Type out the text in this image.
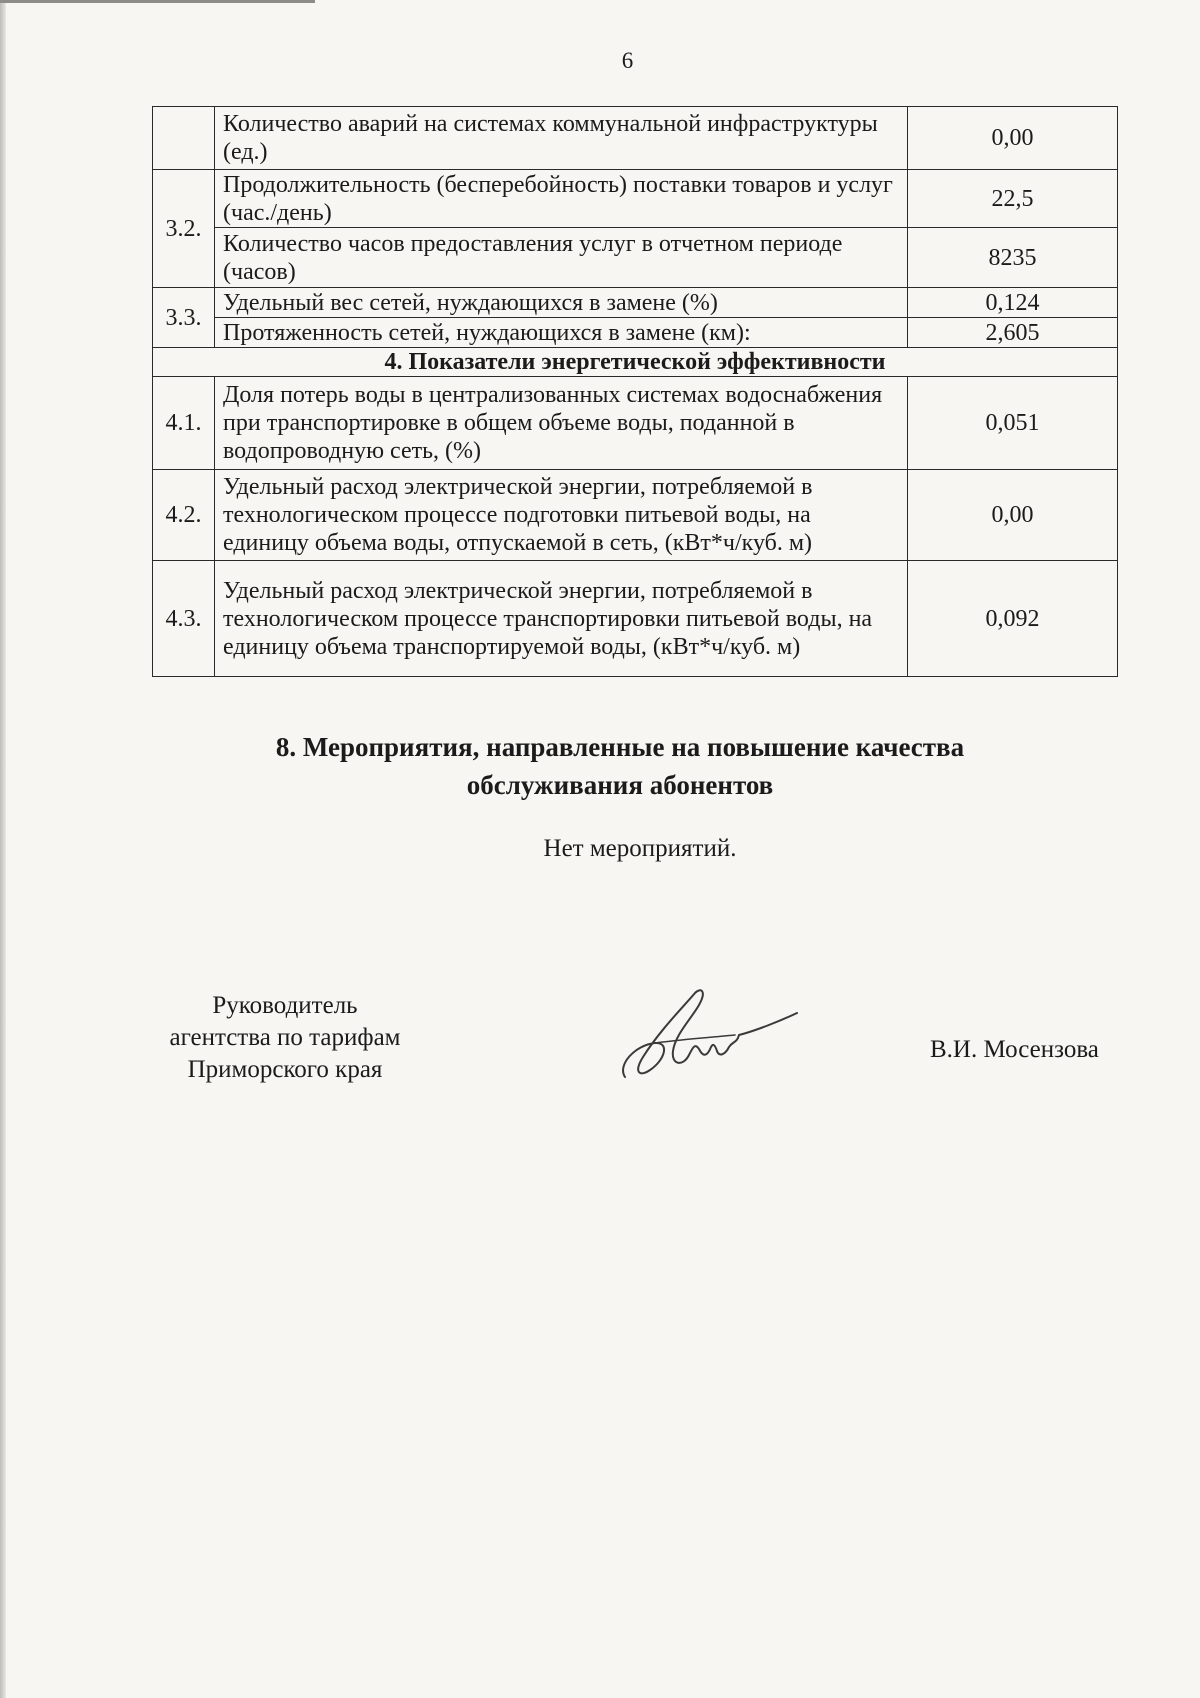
6
	Количество аварий на системах коммунальной инфраструктуры (ед.)	0,00
3.2.	Продолжительность (бесперебойность) поставки товаров и услуг (час./день)	22,5
	Количество часов предоставления услуг в отчетном периоде (часов)	8235
3.3.	Удельный вес сетей, нуждающихся в замене (%)	0,124
	Протяженность сетей, нуждающихся в замене (км):	2,605
4. Показатели энергетической эффективности		
4.1.	Доля потерь воды в централизованных системах водоснабжения при транспортировке в общем объеме воды, поданной в водопроводную сеть, (%)	0,051
4.2.	Удельный расход электрической энергии, потребляемой в технологическом процессе подготовки питьевой воды, на единицу объема воды, отпускаемой в сеть, (кВт*ч/куб. м)	0,00
4.3.	Удельный расход электрической энергии, потребляемой в технологическом процессе транспортировки питьевой воды, на единицу объема транспортируемой воды, (кВт*ч/куб. м)	0,092
8. Мероприятия, направленные на повышение качества
обслуживания абонентов
Нет мероприятий.
Руководитель
агентства по тарифам
Приморского края
В.И. Мосензова
